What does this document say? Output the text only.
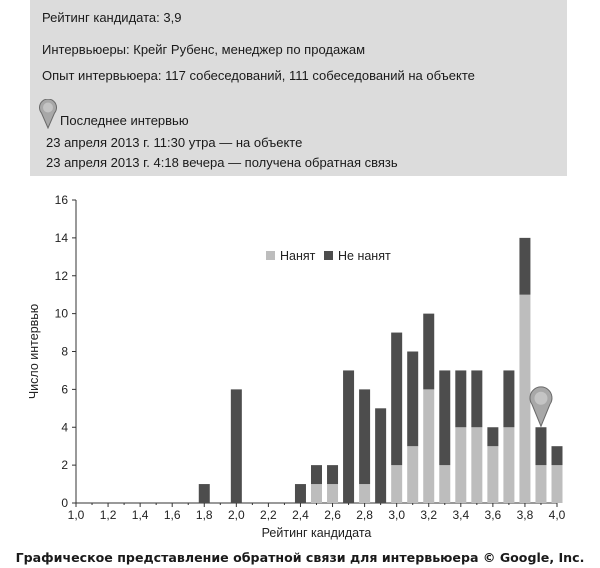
Рейтинг кандидата: 3,9
Интервьюеры: Крейг Рубенс, менеджер по продажам
Опыт интервьюера: 117 собеседований, 111 собеседований на объекте
Последнее интервью
23 апреля 2013 г. 11:30 утра — на объекте
23 апреля 2013 г. 4:18 вечера — получена обратная связь
0
2
4
6
8
10
12
14
16
1,0 1,2 1,4 1,6 1,8 2,0 2,2 2,4 2,6 2,8 3,0 3,2 3,4 3,6 3,8 4,0
Рейтинг кандидата
Число интервью
Нанят Не нанят
Графическое представление обратной связи для интервьюера © Google, Inc.
